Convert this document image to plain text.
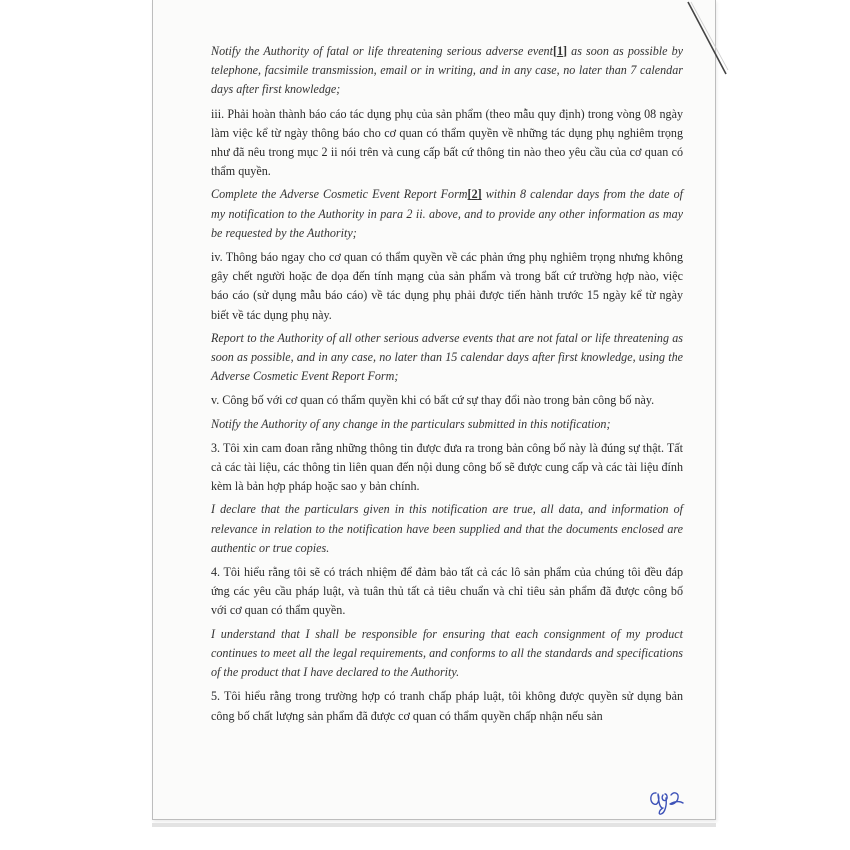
Notify the Authority of fatal or life threatening serious adverse event [ 1 ] as soon as possible by telephone, facsimile transmission, email or in writing, and in any case, no later than 7 calendar days after first knowledge;

iii. Phải hoàn thành báo cáo tác dụng phụ của sản phẩm (theo mẫu quy định) trong vòng 08 ngày làm việc kể từ ngày thông báo cho cơ quan có thẩm quyền về những tác dụng phụ nghiêm trọng như đã nêu trong mục 2 ii nói trên và cung cấp bất cứ thông tin nào theo yêu cầu của cơ quan có thẩm quyền.

Complete the Adverse Cosmetic Event Report Form [ 2 ] within 8 calendar days from the date of my notification to the Authority in para 2 ii. above, and to provide any other information as may be requested by the Authority;

iv. Thông báo ngay cho cơ quan có thẩm quyền về các phản ứng phụ nghiêm trọng nhưng không gây chết người hoặc đe dọa đến tính mạng của sản phẩm và trong bất cứ trường hợp nào, việc báo cáo (sử dụng mẫu báo cáo) về tác dụng phụ phải được tiến hành trước 15 ngày kể từ ngày biết về tác dụng phụ này.

Report to the Authority of all other serious adverse events that are not fatal or life threatening as soon as possible, and in any case, no later than 15 calendar days after first knowledge, using the Adverse Cosmetic Event Report Form;

v. Công bố với cơ quan có thẩm quyền khi có bất cứ sự thay đổi nào trong bản công bố này.

Notify the Authority of any change in the particulars submitted in this notification;

3. Tôi xin cam đoan rằng những thông tin được đưa ra trong bản công bố này là đúng sự thật. Tất cả các tài liệu, các thông tin liên quan đến nội dung công bố sẽ được cung cấp và các tài liệu đính kèm là bản hợp pháp hoặc sao y bản chính.

I declare that the particulars given in this notification are true, all data, and information of relevance in relation to the notification have been supplied and that the documents enclosed are authentic or true copies.

4. Tôi hiểu rằng tôi sẽ có trách nhiệm để đảm bảo tất cả các lô sản phẩm của chúng tôi đều đáp ứng các yêu cầu pháp luật, và tuân thủ tất cả tiêu chuẩn và chỉ tiêu sản phẩm đã được công bố với cơ quan có thẩm quyền.

I understand that I shall be responsible for ensuring that each consignment of my product continues to meet all the legal requirements, and conforms to all the standards and specifications of the product that I have declared to the Authority.

5. Tôi hiểu rằng trong trường hợp có tranh chấp pháp luật, tôi không được quyền sử dụng bản công bố chất lượng sản phẩm đã được cơ quan có thẩm quyền chấp nhận nếu sản
